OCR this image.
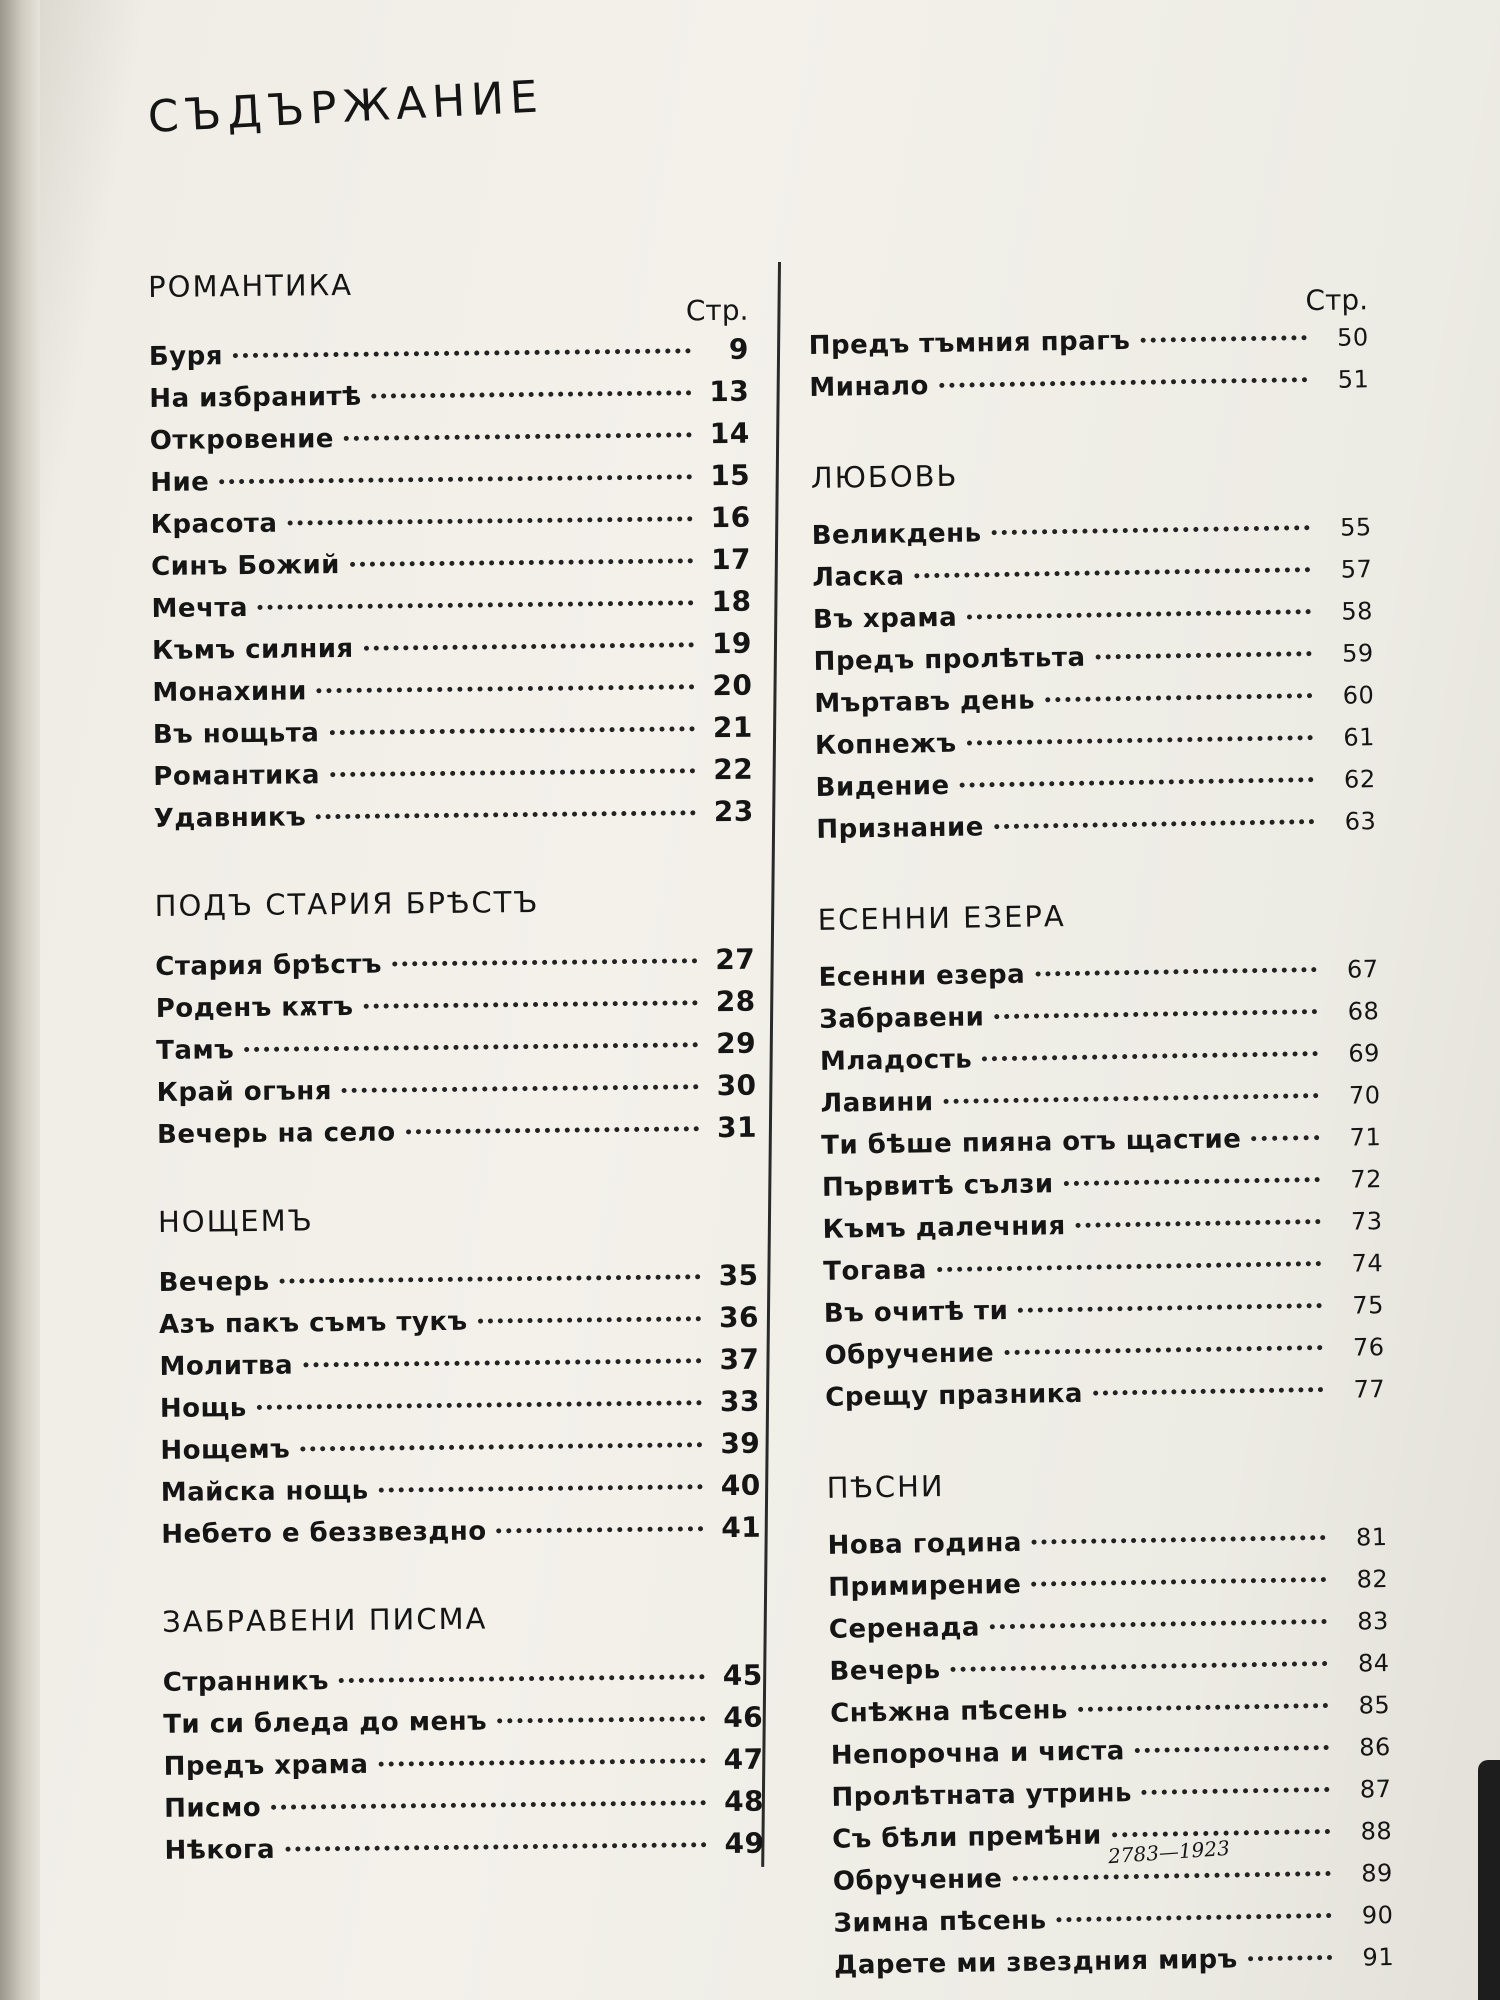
СЪДЪРЖАНИЕ
РОМАНТИКА
Стр.
Буря	9
На избранитѣ	13
Откровение	14
Ние	15
Красота	16
Синъ Божий	17
Мечта	18
Къмъ силния	19
Монахини	20
Въ нощьта	21
Романтика	22
Удавникъ	23
ПОДЪ СТАРИЯ БРѢСТЪ
Стария брѣстъ	27
Роденъ кѫтъ	28
Тамъ	29
Край огъня	30
Вечерь на село	31
НОЩЕМЪ
Вечерь	35
Азъ пакъ съмъ тукъ	36
Молитва	37
Нощь	33
Нощемъ	39
Майска нощь	40
Небето е беззвездно	41
ЗАБРАВЕНИ ПИСМА
Странникъ	45
Ти си бледа до менъ	46
Предъ храма	47
Писмо	48
Нѣкога	49
Стр.
Предъ тъмния прагъ	50
Минало	51
ЛЮБОВЬ
Великдень	55
Ласка	57
Въ храма	58
Предъ пролѣтьта	59
Мъртавъ день	60
Копнежъ	61
Видение	62
Признание	63
ЕСЕННИ ЕЗЕРА
Есенни езера	67
Забравени	68
Младость	69
Лавини	70
Ти бѣше пияна отъ щастие	71
Първитѣ сълзи	72
Къмъ далечния	73
Тогава	74
Въ очитѣ ти	75
Обручение	76
Срещу празника	77
ПѢСНИ
Нова година	81
Примирение	82
Серенада	83
Вечерь	84
Снѣжна пѣсень	85
Непорочна и чиста	86
Пролѣтната утринь	87
Съ бѣли премѣни	88
Обручение	89
Зимна пѣсень	90
Дарете ми звездния миръ	91
2783—1923
